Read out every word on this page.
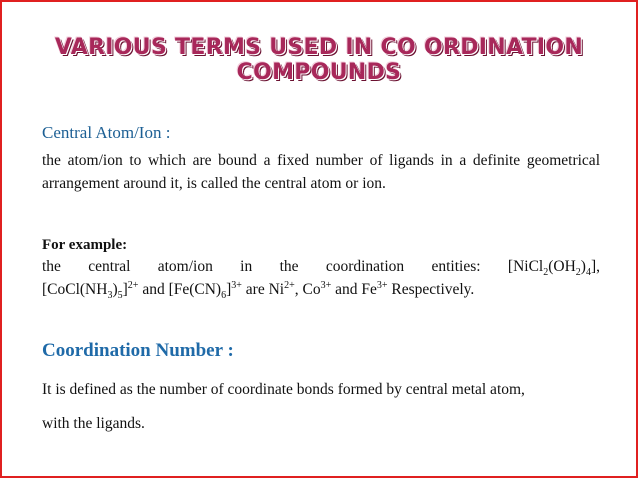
VARIOUS TERMS USED IN CO ORDINATION
COMPOUNDS
Central Atom/Ion :
the atom/ion to which are bound a fixed number of ligands in a definite geometrical arrangement around it, is called the central atom or ion.
For example:
the central atom/ion in the coordination entities: $[NiCl_2(OH_2)_4]$,
$[CoCl(NH_3)_5]^{2+}$ and $[Fe(CN)_6]^{3+}$ are $Ni^{2+}$, $Co^{3+}$ and $Fe^{3+}$ Respectively.
Coordination Number :
It is defined as the number of coordinate bonds formed by central metal atom,
with the ligands.
